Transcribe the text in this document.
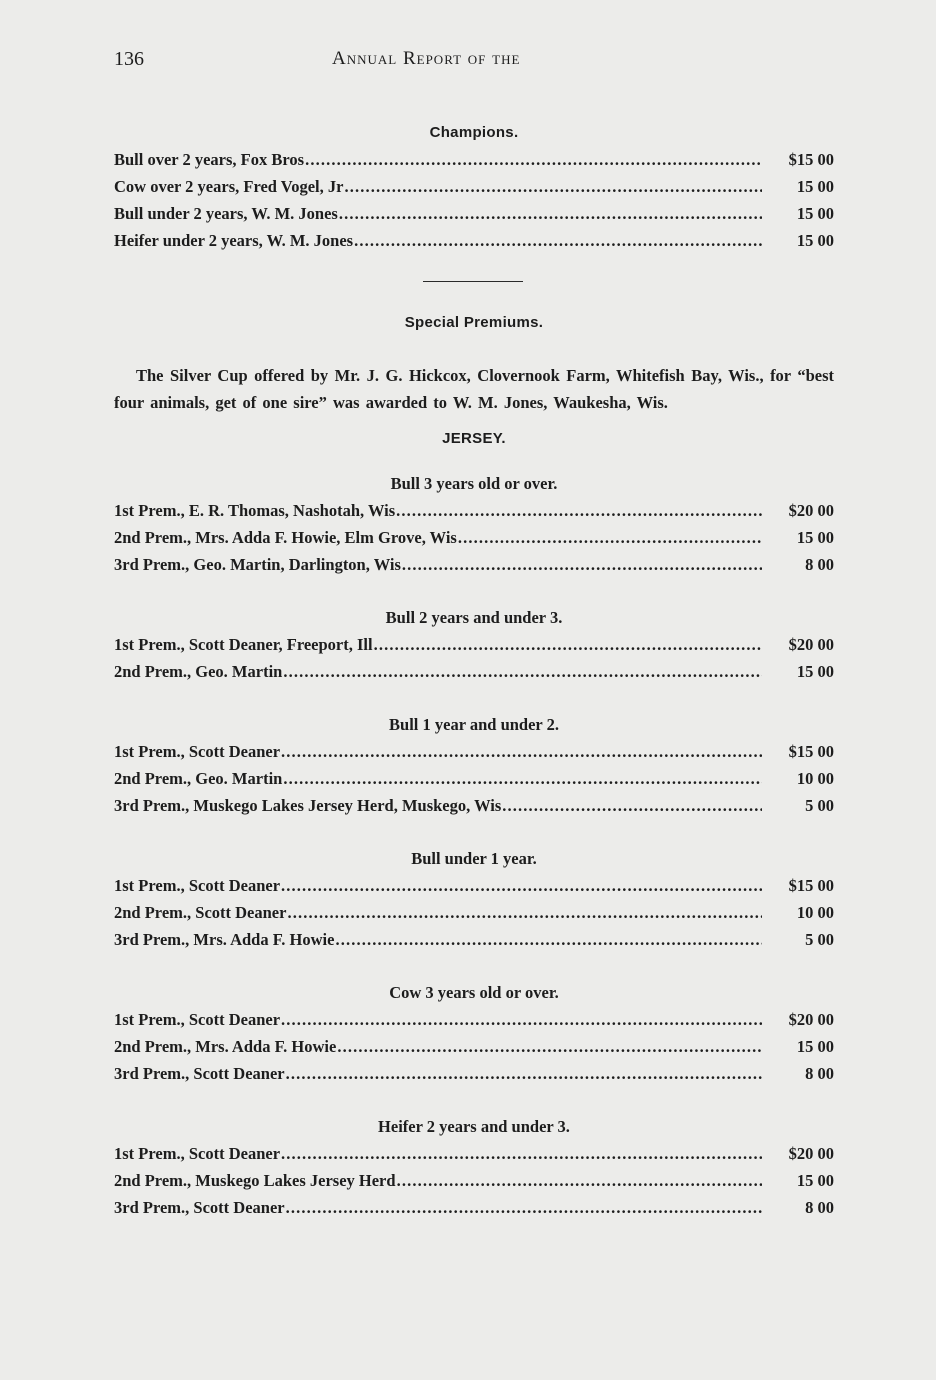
136	Annual Report of the
Champions.
Bull over 2 years, Fox Bros . . .	$15 00
Cow over 2 years, Fred Vogel, Jr . . .	15 00
Bull under 2 years, W. M. Jones . . .	15 00
Heifer under 2 years, W. M. Jones . . .	15 00
Special Premiums.
The Silver Cup offered by Mr. J. G. Hickcox, Clovernook Farm, Whitefish Bay, Wis., for “best four animals, get of one sire” was awarded to W. M. Jones, Waukesha, Wis.
JERSEY.
Bull 3 years old or over.
1st Prem., E. R. Thomas, Nashotah, Wis . . .	$20 00
2nd Prem., Mrs. Adda F. Howie, Elm Grove, Wis . . .	15 00
3rd Prem., Geo. Martin, Darlington, Wis . . .	8 00
Bull 2 years and under 3.
1st Prem., Scott Deaner, Freeport, Ill . . .	$20 00
2nd Prem., Geo. Martin . . .	15 00
Bull 1 year and under 2.
1st Prem., Scott Deaner . . .	$15 00
2nd Prem., Geo. Martin . . .	10 00
3rd Prem., Muskego Lakes Jersey Herd, Muskego, Wis . . .	5 00
Bull under 1 year.
1st Prem., Scott Deaner . . .	$15 00
2nd Prem., Scott Deaner . . .	10 00
3rd Prem., Mrs. Adda F. Howie . . .	5 00
Cow 3 years old or over.
1st Prem., Scott Deaner . . .	$20 00
2nd Prem., Mrs. Adda F. Howie . . .	15 00
3rd Prem., Scott Deaner . . .	8 00
Heifer 2 years and under 3.
1st Prem., Scott Deaner . . .	$20 00
2nd Prem., Muskego Lakes Jersey Herd . . .	15 00
3rd Prem., Scott Deaner . . .	8 00
